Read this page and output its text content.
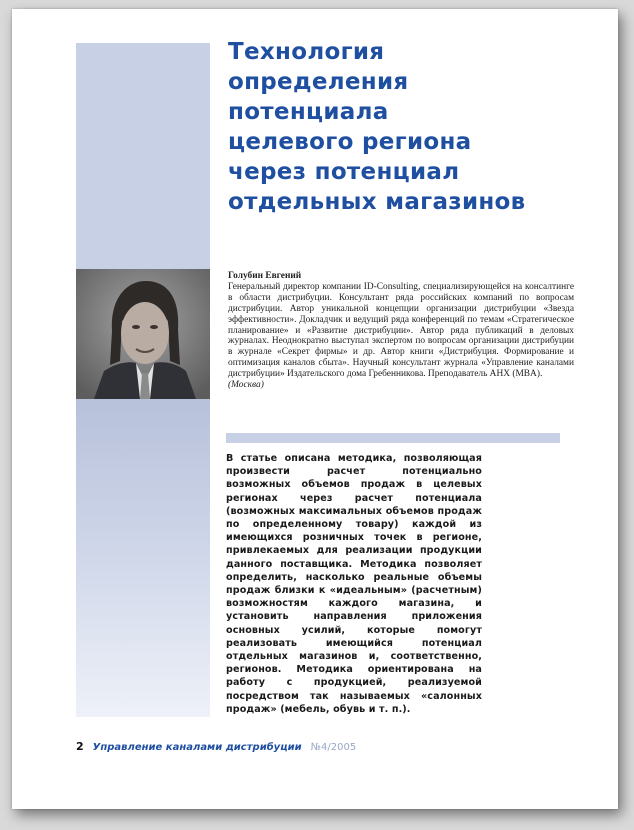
Технология
определения
потенциала
целевого региона
через потенциал
отдельных магазинов
Голубин Евгений
Генеральный директор компании ID-Consulting, специализирующейся на консалтинге в области дистрибуции. Консультант ряда российских компаний по вопросам дистрибуции. Автор уникальной концепции организации дистрибуции «Звезда эффективности». Докладчик и ведущий ряда конференций по темам «Стратегическое планирование» и «Развитие дистрибуции». Автор ряда публикаций в деловых журналах. Неоднократно выступал экспертом по вопросам организации дистрибуции в журнале «Секрет фирмы» и др. Автор книги «Дистрибуция. Формирование и оптимизация каналов сбыта». Научный консультант журнала «Управление каналами дистрибуции» Издательского дома Гребенникова. Преподаватель АНХ (MBA).
(Москва)

В статье описана методика, позволяющая произвести расчет потенциально возможных объемов продаж в целевых регионах через расчет потенциала (возможных максимальных объемов продаж по определенному товару) каждой из имеющихся розничных точек в регионе, привлекаемых для реализации продукции данного поставщика. Методика позволяет определить, насколько реальные объемы продаж близки к «идеальным» (расчетным) возможностям каждого магазина, и установить направления приложения основных усилий, которые помогут реализовать имеющийся потенциал отдельных магазинов и, соответственно, регионов. Методика ориентирована на работу с продукцией, реализуемой посредством так называемых «салонных продаж» (мебель, обувь и т. п.).

2 Управление каналами дистрибуции №4/2005
